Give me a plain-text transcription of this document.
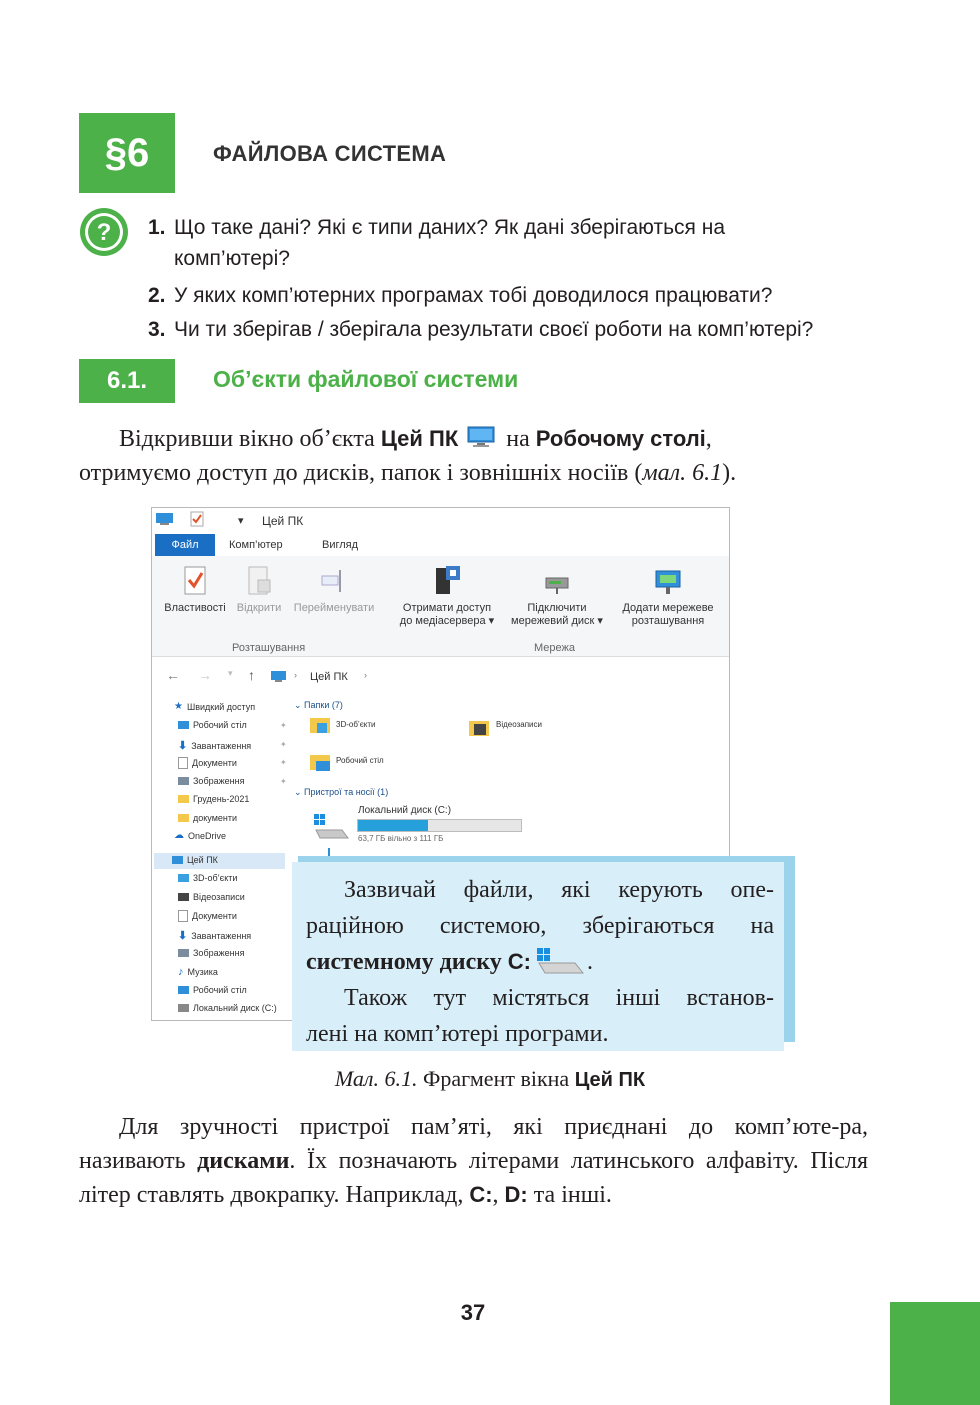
§6	ФАЙЛОВА СИСТЕМА
? 1. Що таке дані? Які є типи даних? Як дані зберігаються на
комп’ютері?
2. У яких комп’ютерних програмах тобі доводилося працювати?
3. Чи ти зберігав / зберігала результати своєї роботи на комп’ютері?
6.1.	Об’єкти файлової системи
Відкривши вікно об’єкта Цей ПК на Робочому столі,
отримуємо доступ до дисків, папок і зовнішніх носіїв (мал. 6.1).
▾ Цей ПК
Файл	Комп’ютер	Вигляд
Властивості	Відкрити	Перейменувати	Отримати доступ
до медіасервера ▾
Підключити
мережевий диск ▾
Додати мережеве
розташування
Розташування	Мережа
← → ▾ ↑	› Цей ПК ›
★ Швидкий доступ
Робочий стіл
⬇ Завантаження
Документи
Зображення
Грудень-2021
документи
☁ OneDrive
✦
✦
✦
✦
Цей ПК
3D-об’єкти
Відеозаписи
Документи
⬇ Завантаження
Зображення
♪ Музика
Робочий стіл
Локальний диск (C:)
⌄ Папки (7)
3D-об’єкти	Відеозаписи
Робочий стіл
⌄ Пристрої та носії (1)
Локальний диск (C:)
63,7 ГБ вільно з 111 ГБ
Зазвичай файли, які керують опе-
раційною системою, зберігаються на
системному диску C: .
Також тут містяться інші встанов-
лені на комп’ютері програми.
Мал. 6.1. Фрагмент вікна Цей ПК
Для зручності пристрої пам’яті, які приєднані до комп’юте-ра, називають дисками. Їх позначають літерами латинського алфавіту. Після літер ставлять двокрапку. Наприклад, C:, D: та інші.
37
